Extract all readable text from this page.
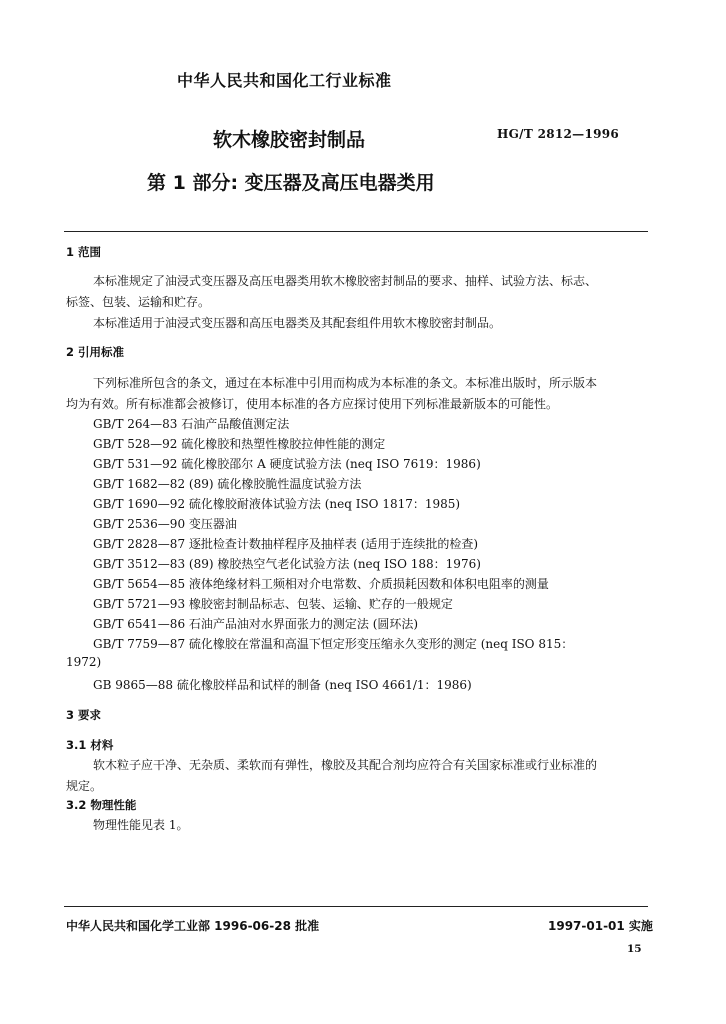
中华人民共和国化工行业标准
软木橡胶密封制品	HG/T 2812—1996
第 1 部分: 变压器及高压电器类用
1 范围
本标准规定了油浸式变压器及高压电器类用软木橡胶密封制品的要求、抽样、试验方法、标志、
标签、包装、运输和贮存。
本标准适用于油浸式变压器和高压电器类及其配套组件用软木橡胶密封制品。
2 引用标准
下列标准所包含的条文，通过在本标准中引用而构成为本标准的条文。本标准出版时，所示版本
均为有效。所有标准都会被修订，使用本标准的各方应探讨使用下列标准最新版本的可能性。
GB/T 264—83 石油产品酸值测定法
GB/T 528—92 硫化橡胶和热塑性橡胶拉伸性能的测定
GB/T 531—92 硫化橡胶邵尔 A 硬度试验方法 (neq ISO 7619：1986)
GB/T 1682—82 (89) 硫化橡胶脆性温度试验方法
GB/T 1690—92 硫化橡胶耐液体试验方法 (neq ISO 1817：1985)
GB/T 2536—90 变压器油
GB/T 2828—87 逐批检查计数抽样程序及抽样表 (适用于连续批的检查)
GB/T 3512—83 (89) 橡胶热空气老化试验方法 (neq ISO 188：1976)
GB/T 5654—85 液体绝缘材料工频相对介电常数、介质损耗因数和体积电阻率的测量
GB/T 5721—93 橡胶密封制品标志、包装、运输、贮存的一般规定
GB/T 6541—86 石油产品油对水界面张力的测定法 (圆环法)
GB/T 7759—87 硫化橡胶在常温和高温下恒定形变压缩永久变形的测定 (neq ISO 815：
1972)
GB 9865—88 硫化橡胶样品和试样的制备 (neq ISO 4661/1：1986)
3 要求
3.1 材料
软木粒子应干净、无杂质、柔软而有弹性，橡胶及其配合剂均应符合有关国家标准或行业标准的
规定。
3.2 物理性能
物理性能见表 1。
中华人民共和国化学工业部 1996-06-28 批准	1997-01-01 实施
15
